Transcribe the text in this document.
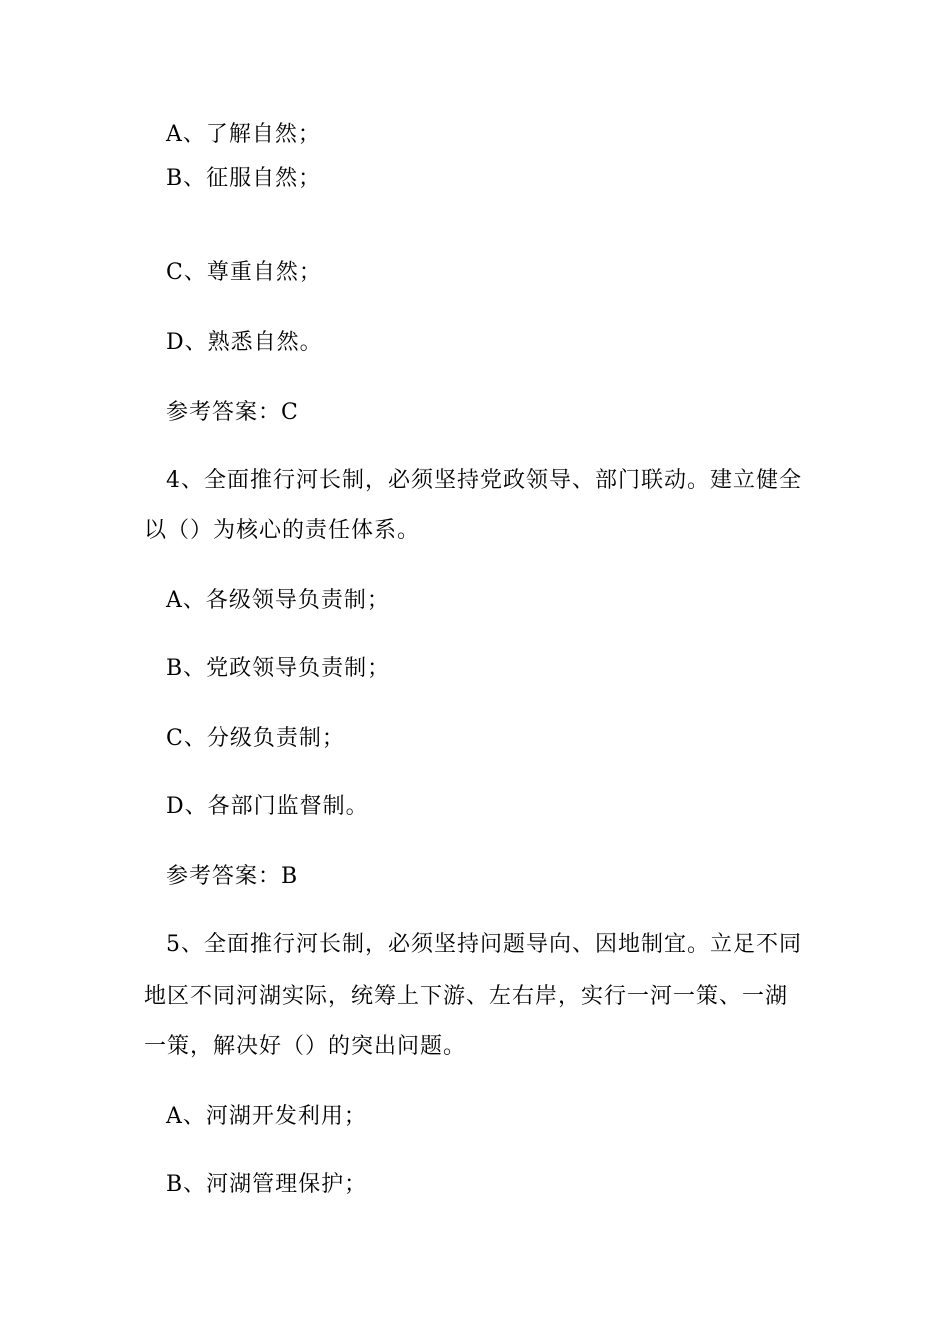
A、了解自然；
B、征服自然；
C、尊重自然；
D、熟悉自然。
参考答案：C
4、全面推行河长制，必须坚持党政领导、部门联动。建立健全
以（）为核心的责任体系。
A、各级领导负责制；
B、党政领导负责制；
C、分级负责制；
D、各部门监督制。
参考答案：B
5、全面推行河长制，必须坚持问题导向、因地制宜。立足不同
地区不同河湖实际，统筹上下游、左右岸，实行一河一策、一湖
一策，解决好（）的突出问题。
A、河湖开发利用；
B、河湖管理保护；
